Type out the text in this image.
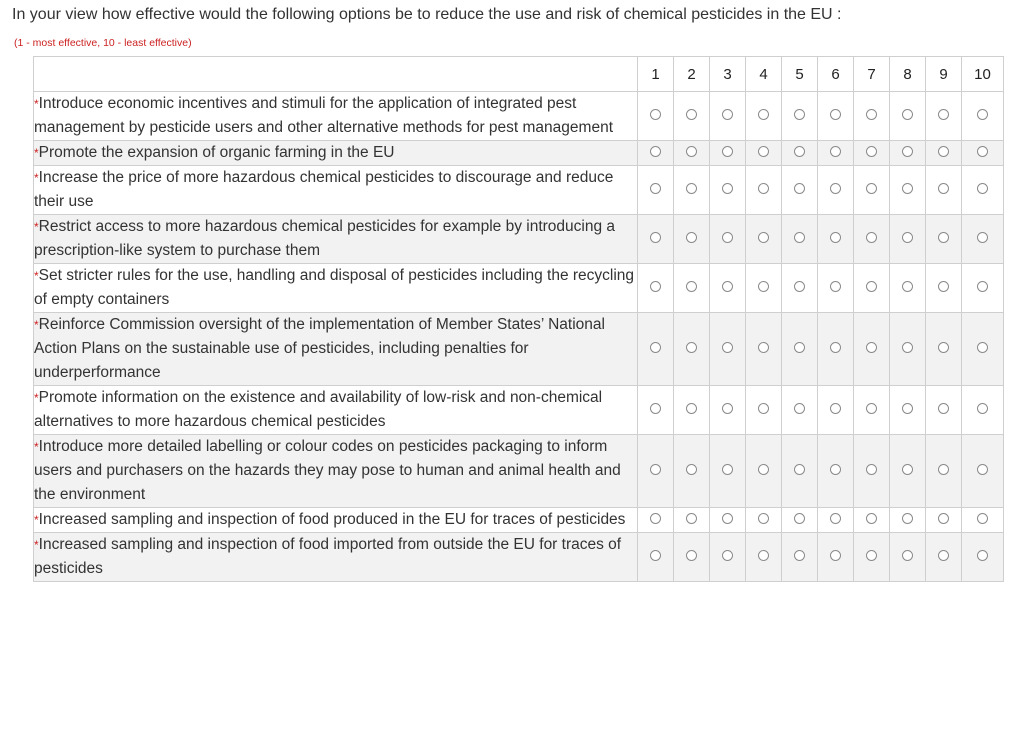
In your view how effective would the following options be to reduce the use and risk of chemical pesticides in the EU :
(1 - most effective, 10 - least effective)
	1	2	3	4	5	6	7	8	9	10
*Introduce economic incentives and stimuli for the application of integrated pest management by pesticide users and other alternative methods for pest management										
*Promote the expansion of organic farming in the EU										
*Increase the price of more hazardous chemical pesticides to discourage and reduce their use										
*Restrict access to more hazardous chemical pesticides for example by introducing a prescription-like system to purchase them										
*Set stricter rules for the use, handling and disposal of pesticides including the recycling of empty containers										
*Reinforce Commission oversight of the implementation of Member States’ National Action Plans on the sustainable use of pesticides, including penalties for underperformance										
*Promote information on the existence and availability of low-risk and non-chemical alternatives to more hazardous chemical pesticides										
*Introduce more detailed labelling or colour codes on pesticides packaging to inform users and purchasers on the hazards they may pose to human and animal health and the environment										
*Increased sampling and inspection of food produced in the EU for traces of pesticides										
*Increased sampling and inspection of food imported from outside the EU for traces of pesticides										
